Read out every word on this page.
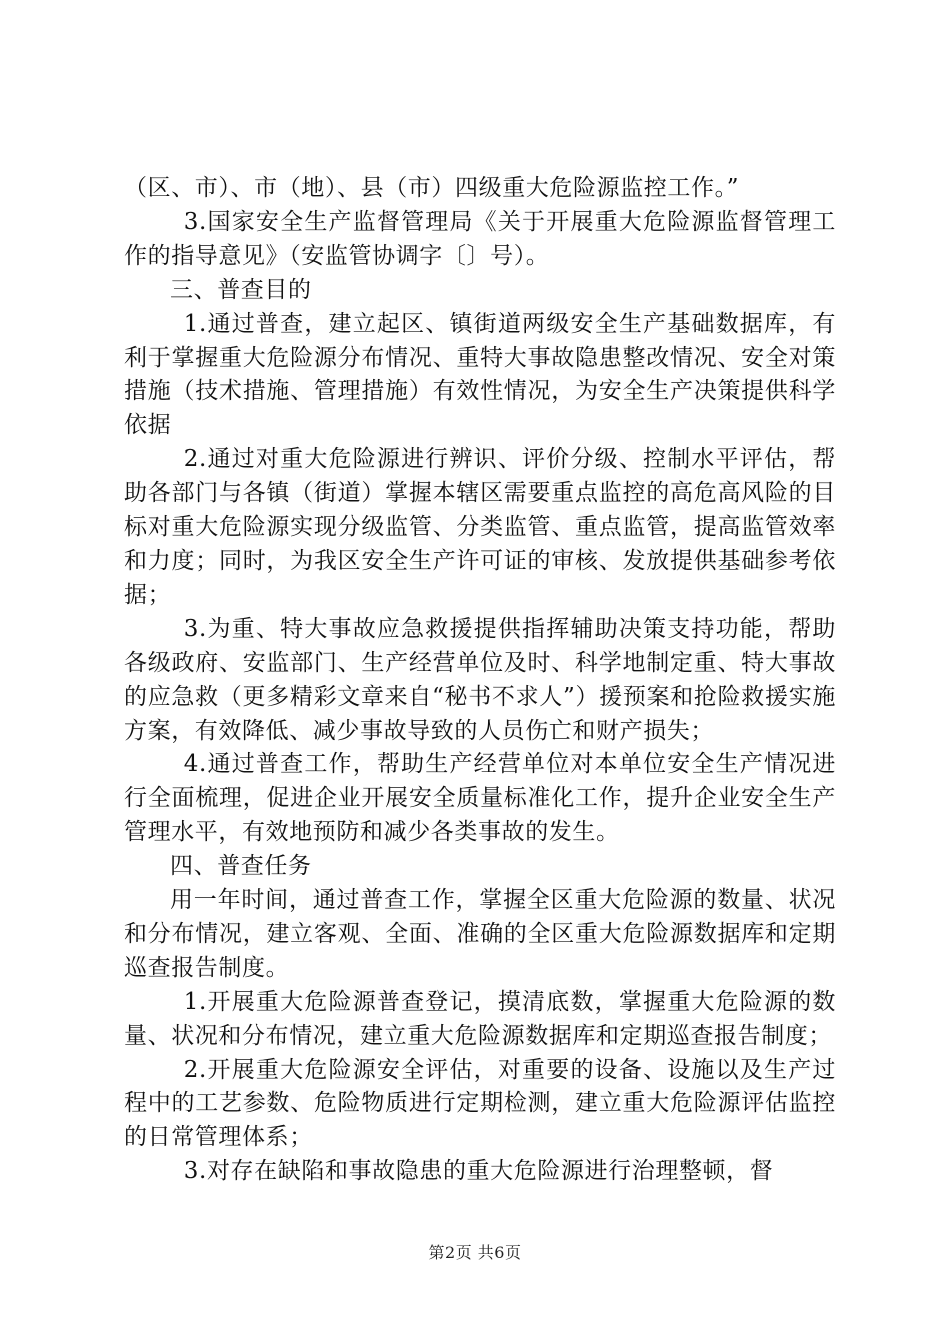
（区、市）、市（地）、县（市）四级重大危险源监控工作。”

3.国家安全生产监督管理局《关于开展重大危险源监督管理工作的指导意见》（安监管协调字〔〕号）。

三、普查目的

1.通过普查，建立起区、镇街道两级安全生产基础数据库，有利于掌握重大危险源分布情况、重特大事故隐患整改情况、安全对策措施（技术措施、管理措施）有效性情况，为安全生产决策提供科学依据

2.通过对重大危险源进行辨识、评价分级、控制水平评估，帮助各部门与各镇（街道）掌握本辖区需要重点监控的高危高风险的目标对重大危险源实现分级监管、分类监管、重点监管，提高监管效率和力度；同时，为我区安全生产许可证的审核、发放提供基础参考依据；

3.为重、特大事故应急救援提供指挥辅助决策支持功能，帮助各级政府、安监部门、生产经营单位及时、科学地制定重、特大事故的应急救（更多精彩文章来自“秘书不求人”）援预案和抢险救援实施方案，有效降低、减少事故导致的人员伤亡和财产损失；

4.通过普查工作，帮助生产经营单位对本单位安全生产情况进行全面梳理，促进企业开展安全质量标准化工作，提升企业安全生产管理水平，有效地预防和减少各类事故的发生。

四、普查任务

用一年时间，通过普查工作，掌握全区重大危险源的数量、状况和分布情况，建立客观、全面、准确的全区重大危险源数据库和定期巡查报告制度。

1.开展重大危险源普查登记，摸清底数，掌握重大危险源的数量、状况和分布情况，建立重大危险源数据库和定期巡查报告制度；

2.开展重大危险源安全评估，对重要的设备、设施以及生产过程中的工艺参数、危险物质进行定期检测，建立重大危险源评估监控的日常管理体系；

3.对存在缺陷和事故隐患的重大危险源进行治理整顿，督

第2页 共6页
